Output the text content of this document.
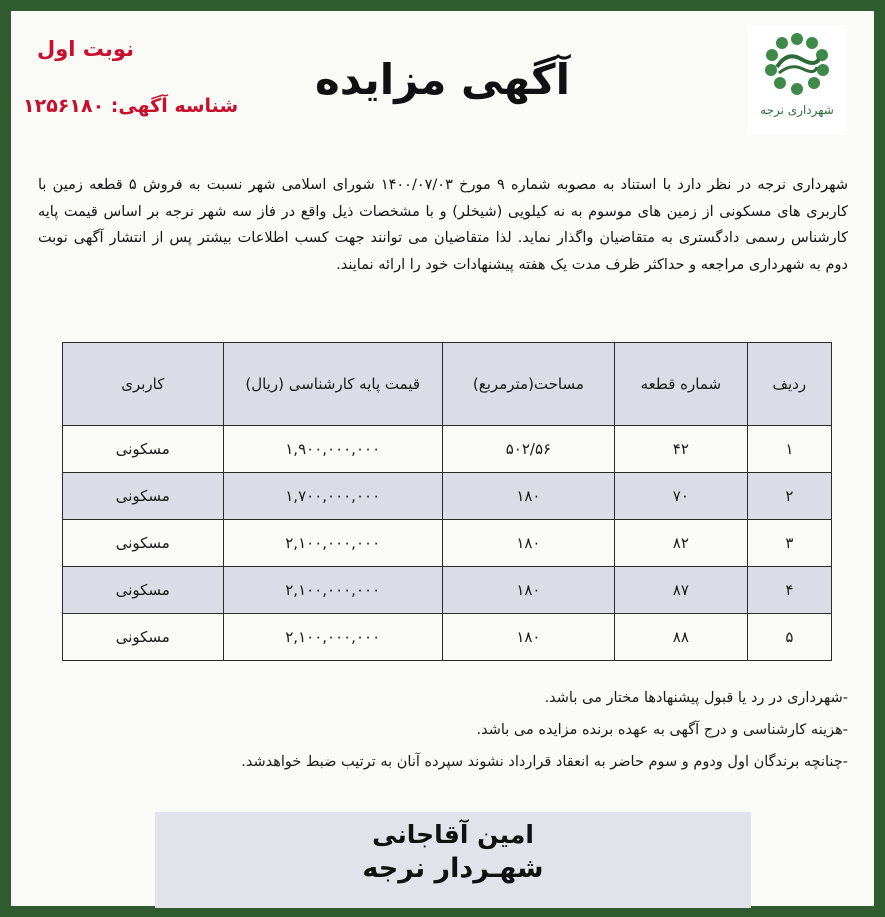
شهرداری نرجه
آگهی مزایده
نوبت اول
شناسه آگهی: ۱۲۵۶۱۸۰
شهرداری نرجه در نظر دارد با استناد به مصوبه شماره ۹ مورخ ۱۴۰۰/۰۷/۰۳ شورای اسلامی شهر نسبت به فروش ۵ قطعه زمین با کاربری های مسکونی از زمین های موسوم به نه کیلویی (شیخلر) و با مشخصات ذیل واقع در فاز سه شهر نرجه بر اساس قیمت پایه کارشناس رسمی دادگستری به متقاضیان واگذار نماید. لذا متقاضیان می توانند جهت کسب اطلاعات بیشتر پس از انتشار آگهی نوبت دوم به شهرداری مراجعه و حداکثر ظرف مدت یک هفته پیشنهادات خود را ارائه نمایند.
ردیف	شماره قطعه	مساحت(مترمربع)	قیمت پایه کارشناسی (ریال)	کاربری
۱	۴۲	۵۰۲/۵۶	۱,۹۰۰,۰۰۰,۰۰۰	مسکونی
۲	۷۰	۱۸۰	۱,۷۰۰,۰۰۰,۰۰۰	مسکونی
۳	۸۲	۱۸۰	۲,۱۰۰,۰۰۰,۰۰۰	مسکونی
۴	۸۷	۱۸۰	۲,۱۰۰,۰۰۰,۰۰۰	مسکونی
۵	۸۸	۱۸۰	۲,۱۰۰,۰۰۰,۰۰۰	مسکونی
-شهرداری در رد یا قبول پیشنهادها مختار می باشد.
-هزینه کارشناسی و درج آگهی به عهده برنده مزایده می باشد.
-چنانچه برندگان اول ودوم و سوم حاضر به انعقاد قرارداد نشوند سپرده آنان به ترتیب ضبط خواهدشد.
امین آقاجانی
شهـردار نرجه
